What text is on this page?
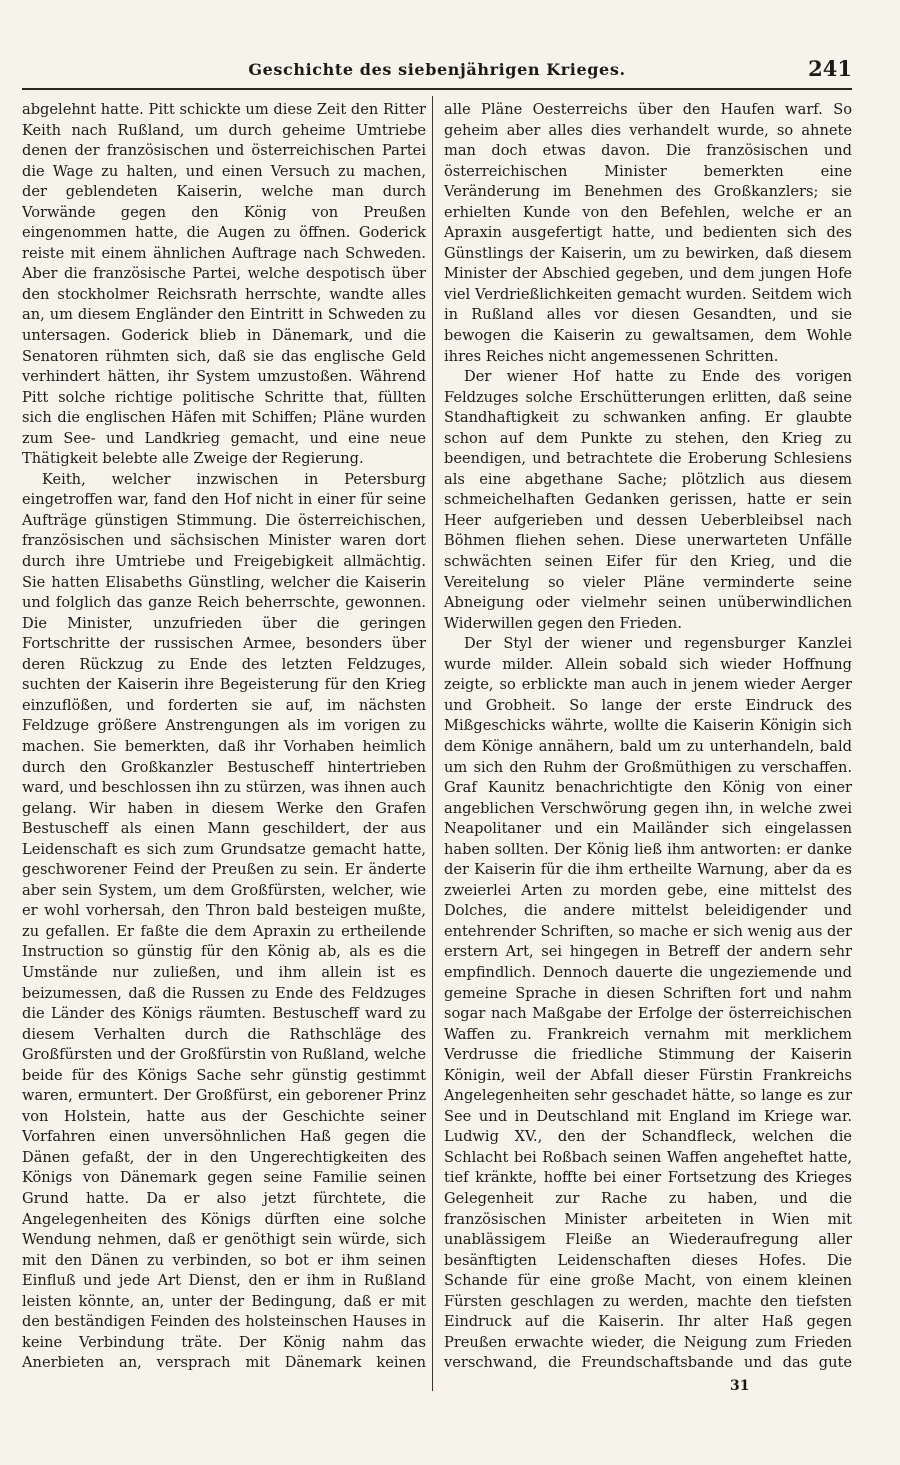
Geschichte des siebenjährigen Krieges.	241

abgelehnt hatte. Pitt schickte um diese Zeit den Ritter Keith nach Rußland, um durch geheime Umtriebe denen der französischen und österreichischen Partei die Wage zu halten, und einen Versuch zu machen, der geblendeten Kaiserin, welche man durch Vorwände gegen den König von Preußen eingenommen hatte, die Augen zu öffnen. Goderick reiste mit einem ähnlichen Auftrage nach Schweden. Aber die französische Partei, welche despotisch über den stockholmer Reichsrath herrschte, wandte alles an, um diesem Engländer den Eintritt in Schweden zu untersagen. Goderick blieb in Dänemark, und die Senatoren rühmten sich, daß sie das englische Geld verhindert hätten, ihr System umzustoßen. Während Pitt solche richtige politische Schritte that, füllten sich die englischen Häfen mit Schiffen; Pläne wurden zum See- und Landkrieg gemacht, und eine neue Thätigkeit belebte alle Zweige der Regierung.

Keith, welcher inzwischen in Petersburg eingetroffen war, fand den Hof nicht in einer für seine Aufträge günstigen Stimmung. Die österreichischen, französischen und sächsischen Minister waren dort durch ihre Umtriebe und Freigebigkeit allmächtig. Sie hatten Elisabeths Günstling, welcher die Kaiserin und folglich das ganze Reich beherrschte, gewonnen. Die Minister, unzufrieden über die geringen Fortschritte der russischen Armee, besonders über deren Rückzug zu Ende des letzten Feldzuges, suchten der Kaiserin ihre Begeisterung für den Krieg einzuflößen, und forderten sie auf, im nächsten Feldzuge größere Anstrengungen als im vorigen zu machen. Sie bemerkten, daß ihr Vorhaben heimlich durch den Großkanzler Bestuscheff hintertrieben ward, und beschlossen ihn zu stürzen, was ihnen auch gelang. Wir haben in diesem Werke den Grafen Bestuscheff als einen Mann geschildert, der aus Leidenschaft es sich zum Grundsatze gemacht hatte, geschworener Feind der Preußen zu sein. Er änderte aber sein System, um dem Großfürsten, welcher, wie er wohl vorhersah, den Thron bald besteigen mußte, zu gefallen. Er faßte die dem Apraxin zu ertheilende Instruction so günstig für den König ab, als es die Umstände nur zuließen, und ihm allein ist es beizumessen, daß die Russen zu Ende des Feldzuges die Länder des Königs räumten. Bestuscheff ward zu diesem Verhalten durch die Rathschläge des Großfürsten und der Großfürstin von Rußland, welche beide für des Königs Sache sehr günstig gestimmt waren, ermuntert. Der Großfürst, ein geborener Prinz von Holstein, hatte aus der Geschichte seiner Vorfahren einen unversöhnlichen Haß gegen die Dänen gefaßt, der in den Ungerechtigkeiten des Königs von Dänemark gegen seine Familie seinen Grund hatte. Da er also jetzt fürchtete, die Angelegenheiten des Königs dürften eine solche Wendung nehmen, daß er genöthigt sein würde, sich mit den Dänen zu verbinden, so bot er ihm seinen Einfluß und jede Art Dienst, den er ihm in Rußland leisten könnte, an, unter der Bedingung, daß er mit den beständigen Feinden des holsteinschen Hauses in keine Verbindung träte. Der König nahm das Anerbieten an, versprach mit Dänemark keinen

alle Pläne Oesterreichs über den Haufen warf. So geheim aber alles dies verhandelt wurde, so ahnete man doch etwas davon. Die französischen und österreichischen Minister bemerkten eine Veränderung im Benehmen des Großkanzlers; sie erhielten Kunde von den Befehlen, welche er an Apraxin ausgefertigt hatte, und bedienten sich des Günstlings der Kaiserin, um zu bewirken, daß diesem Minister der Abschied gegeben, und dem jungen Hofe viel Verdrießlichkeiten gemacht wurden. Seitdem wich in Rußland alles vor diesen Gesandten, und sie bewogen die Kaiserin zu gewaltsamen, dem Wohle ihres Reiches nicht angemessenen Schritten.

Der wiener Hof hatte zu Ende des vorigen Feldzuges solche Erschütterungen erlitten, daß seine Standhaftigkeit zu schwanken anfing. Er glaubte schon auf dem Punkte zu stehen, den Krieg zu beendigen, und betrachtete die Eroberung Schlesiens als eine abgethane Sache; plötzlich aus diesem schmeichelhaften Gedanken gerissen, hatte er sein Heer aufgerieben und dessen Ueberbleibsel nach Böhmen fliehen sehen. Diese unerwarteten Unfälle schwächten seinen Eifer für den Krieg, und die Vereitelung so vieler Pläne verminderte seine Abneigung oder vielmehr seinen unüberwindlichen Widerwillen gegen den Frieden.

Der Styl der wiener und regensburger Kanzlei wurde milder. Allein sobald sich wieder Hoffnung zeigte, so erblickte man auch in jenem wieder Aerger und Grobheit. So lange der erste Eindruck des Mißgeschicks währte, wollte die Kaiserin Königin sich dem Könige annähern, bald um zu unterhandeln, bald um sich den Ruhm der Großmüthigen zu verschaffen. Graf Kaunitz benachrichtigte den König von einer angeblichen Verschwörung gegen ihn, in welche zwei Neapolitaner und ein Mailänder sich eingelassen haben sollten. Der König ließ ihm antworten: er danke der Kaiserin für die ihm ertheilte Warnung, aber da es zweierlei Arten zu morden gebe, eine mittelst des Dolches, die andere mittelst beleidigender und entehrender Schriften, so mache er sich wenig aus der erstern Art, sei hingegen in Betreff der andern sehr empfindlich. Dennoch dauerte die ungeziemende und gemeine Sprache in diesen Schriften fort und nahm sogar nach Maßgabe der Erfolge der österreichischen Waffen zu. Frankreich vernahm mit merklichem Verdrusse die friedliche Stimmung der Kaiserin Königin, weil der Abfall dieser Fürstin Frankreichs Angelegenheiten sehr geschadet hätte, so lange es zur See und in Deutschland mit England im Kriege war. Ludwig XV., den der Schandfleck, welchen die Schlacht bei Roßbach seinen Waffen angeheftet hatte, tief kränkte, hoffte bei einer Fortsetzung des Krieges Gelegenheit zur Rache zu haben, und die französischen Minister arbeiteten in Wien mit unablässigem Fleiße an Wiederaufregung aller besänftigten Leidenschaften dieses Hofes. Die Schande für eine große Macht, von einem kleinen Fürsten geschlagen zu werden, machte den tiefsten Eindruck auf die Kaiserin. Ihr alter Haß gegen Preußen erwachte wieder, die Neigung zum Frieden verschwand, die Freundschaftsbande und das gute

31
